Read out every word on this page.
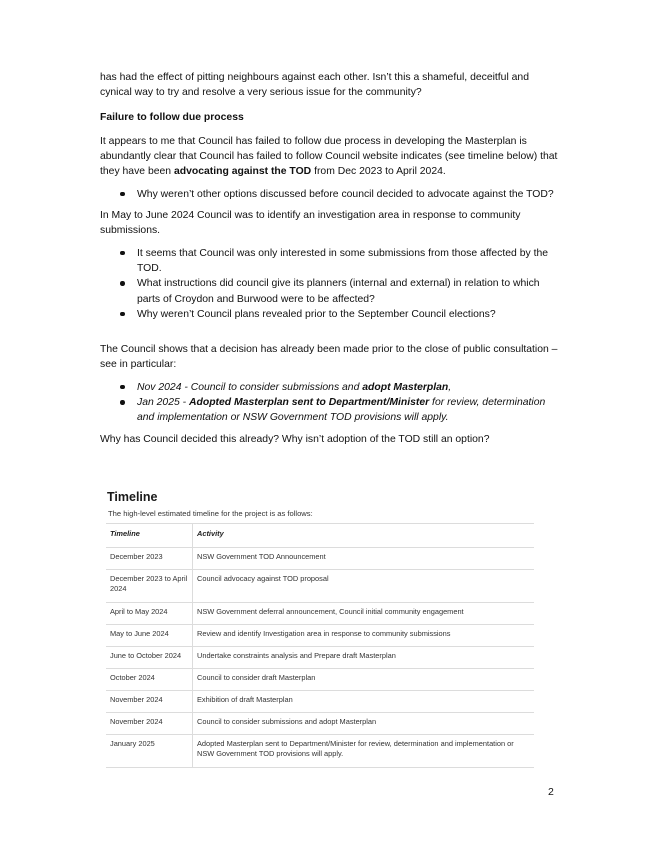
has had the effect of pitting neighbours against each other. Isn’t this a shameful, deceitful and cynical way to try and resolve a very serious issue for the community?

Failure to follow due process

It appears to me that Council has failed to follow due process in developing the Masterplan is abundantly clear that Council has failed to follow Council website indicates (see timeline below) that they have been advocating against the TOD from Dec 2023 to April 2024.

Why weren’t other options discussed before council decided to advocate against the TOD?

In May to June 2024 Council was to identify an investigation area in response to community submissions.

It seems that Council was only interested in some submissions from those affected by the TOD.
What instructions did council give its planners (internal and external) in relation to which parts of Croydon and Burwood were to be affected?
Why weren’t Council plans revealed prior to the September Council elections?

The Council shows that a decision has already been made prior to the close of public consultation – see in particular:

Nov 2024 - Council to consider submissions and adopt Masterplan,
Jan 2025 - Adopted Masterplan sent to Department/Minister for review, determination and implementation or NSW Government TOD provisions will apply.

Why has Council decided this already? Why isn’t adoption of the TOD still an option?

Timeline
The high-level estimated timeline for the project is as follows:
Timeline	Activity
December 2023	NSW Government TOD Announcement
December 2023 to April 2024	Council advocacy against TOD proposal
April to May 2024	NSW Government deferral announcement, Council initial community engagement
May to June 2024	Review and identify Investigation area in response to community submissions
June to October 2024	Undertake constraints analysis and Prepare draft Masterplan
October 2024	Council to consider draft Masterplan
November 2024	Exhibition of draft Masterplan
November 2024	Council to consider submissions and adopt Masterplan
January 2025	Adopted Masterplan sent to Department/Minister for review, determination and implementation or NSW Government TOD provisions will apply.
2
